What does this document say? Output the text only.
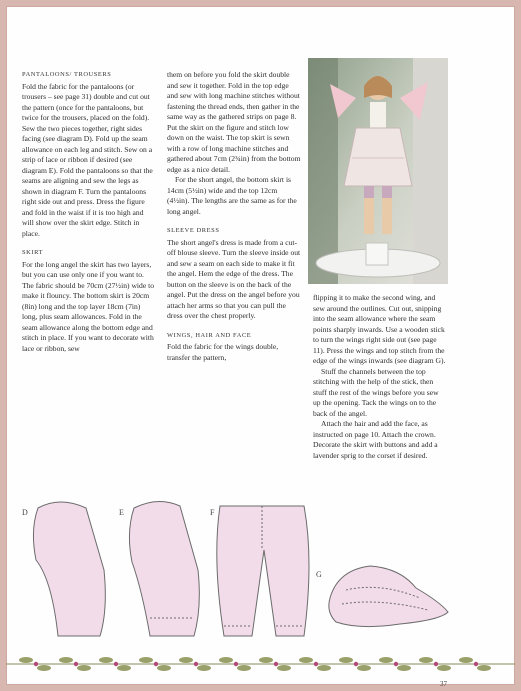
PANTALOONS/ TROUSERS

Fold the fabric for the pantaloons (or trousers – see page 31) double and cut out the pattern (once for the pantaloons, but twice for the trousers, placed on the fold). Sew the two pieces together, right sides facing (see diagram D). Fold up the seam allowance on each leg and stitch. Sew on a strip of lace or ribbon if desired (see diagram E). Fold the pantaloons so that the seams are aligning and sew the legs as shown in diagram F. Turn the pantaloons right side out and press. Dress the figure and fold in the waist if it is too high and will show over the skirt edge. Stitch in place.

SKIRT

For the long angel the skirt has two layers, but you can use only one if you want to. The fabric should be 70cm (27½in) wide to make it flouncy. The bottom skirt is 20cm (8in) long and the top layer 18cm (7in) long, plus seam allowances. Fold in the seam allowance along the bottom edge and stitch in place. If you want to decorate with lace or ribbon, sew

them on before you fold the skirt double and sew it together. Fold in the top edge and sew with long machine stitches without fastening the thread ends, then gather in the same way as the gathered strips on page 8. Put the skirt on the figure and stitch low down on the waist. The top skirt is sewn with a row of long machine stitches and gathered about 7cm (2¾in) from the bottom edge as a nice detail.

For the short angel, the bottom skirt is 14cm (5½in) wide and the top 12cm (4½in). The lengths are the same as for the long angel.

SLEEVE DRESS

The short angel's dress is made from a cut-off blouse sleeve. Turn the sleeve inside out and sew a seam on each side to make it fit the angel. Hem the edge of the dress. The button on the sleeve is on the back of the angel. Put the dress on the angel before you attach her arms so that you can pull the dress over the chest properly.

WINGS, HAIR AND FACE

Fold the fabric for the wings double, transfer the pattern,

flipping it to make the second wing, and sew around the outlines. Cut out, snipping into the seam allowance where the seam points sharply inwards. Use a wooden stick to turn the wings right side out (see page 11). Press the wings and top stitch from the edge of the wings inwards (see diagram G).

Stuff the channels between the top stitching with the help of the stick, then stuff the rest of the wings before you sew up the opening. Tack the wings on to the back of the angel.

Attach the hair and add the face, as instructed on page 10. Attach the crown. Decorate the skirt with buttons and add a lavender sprig to the corset if desired.

D	E	F
G
37
